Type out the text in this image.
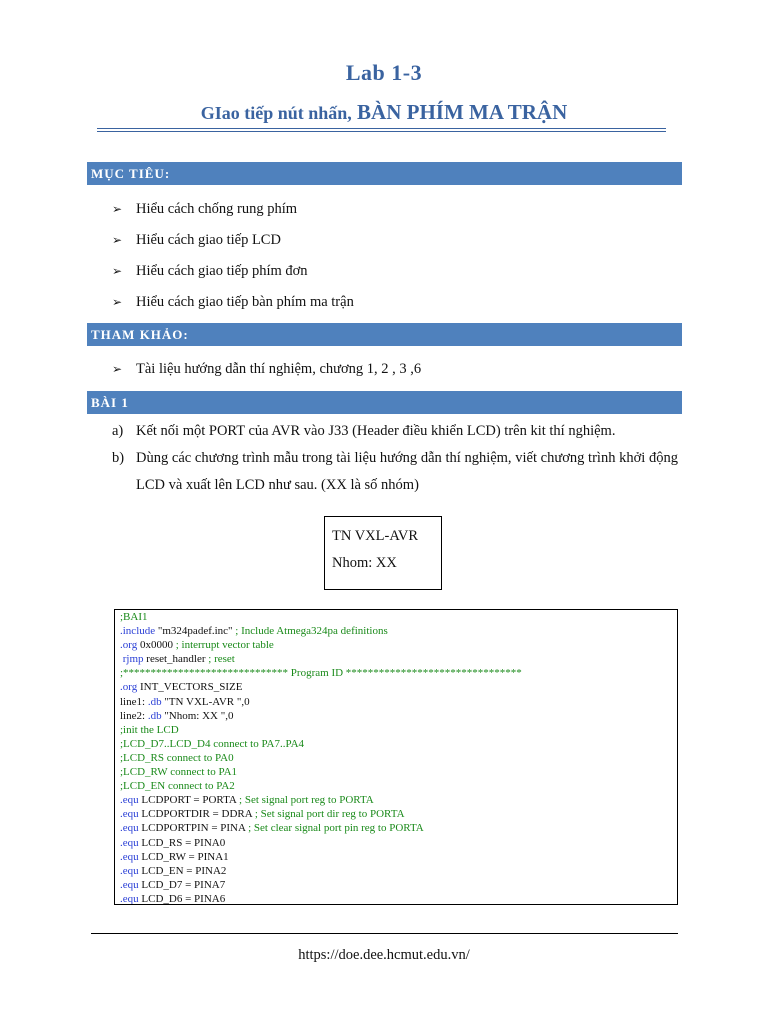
Lab 1-3
GIao tiếp nút nhấn, BÀN PHÍM MA TRẬN
MỤC TIÊU:
➢ Hiểu cách chống rung phím
➢ Hiểu cách giao tiếp LCD
➢ Hiểu cách giao tiếp phím đơn
➢ Hiểu cách giao tiếp bàn phím ma trận
THAM KHẢO:
➢ Tài liệu hướng dẫn thí nghiệm, chương 1, 2 , 3 ,6
BÀI 1
a) Kết nối một PORT của AVR vào J33 (Header điều khiển LCD) trên kit thí nghiệm.
b) Dùng các chương trình mẫu trong tài liệu hướng dẫn thí nghiệm, viết chương trình khởi động LCD và xuất lên LCD như sau. (XX là số nhóm)
TN VXL-AVR
Nhom: XX
;BAI1
.include "m324padef.inc" ; Include Atmega324pa definitions
.org 0x0000 ; interrupt vector table
rjmp reset_handler ; reset
;****************************** Program ID ********************************
.org INT_VECTORS_SIZE
line1: .db "TN VXL-AVR ",0
line2: .db "Nhom: XX ",0
;init the LCD
;LCD_D7..LCD_D4 connect to PA7..PA4
;LCD_RS connect to PA0
;LCD_RW connect to PA1
;LCD_EN connect to PA2
.equ LCDPORT = PORTA ; Set signal port reg to PORTA
.equ LCDPORTDIR = DDRA ; Set signal port dir reg to PORTA
.equ LCDPORTPIN = PINA ; Set clear signal port pin reg to PORTA
.equ LCD_RS = PINA0
.equ LCD_RW = PINA1
.equ LCD_EN = PINA2
.equ LCD_D7 = PINA7
.equ LCD_D6 = PINA6
https://doe.dee.hcmut.edu.vn/
